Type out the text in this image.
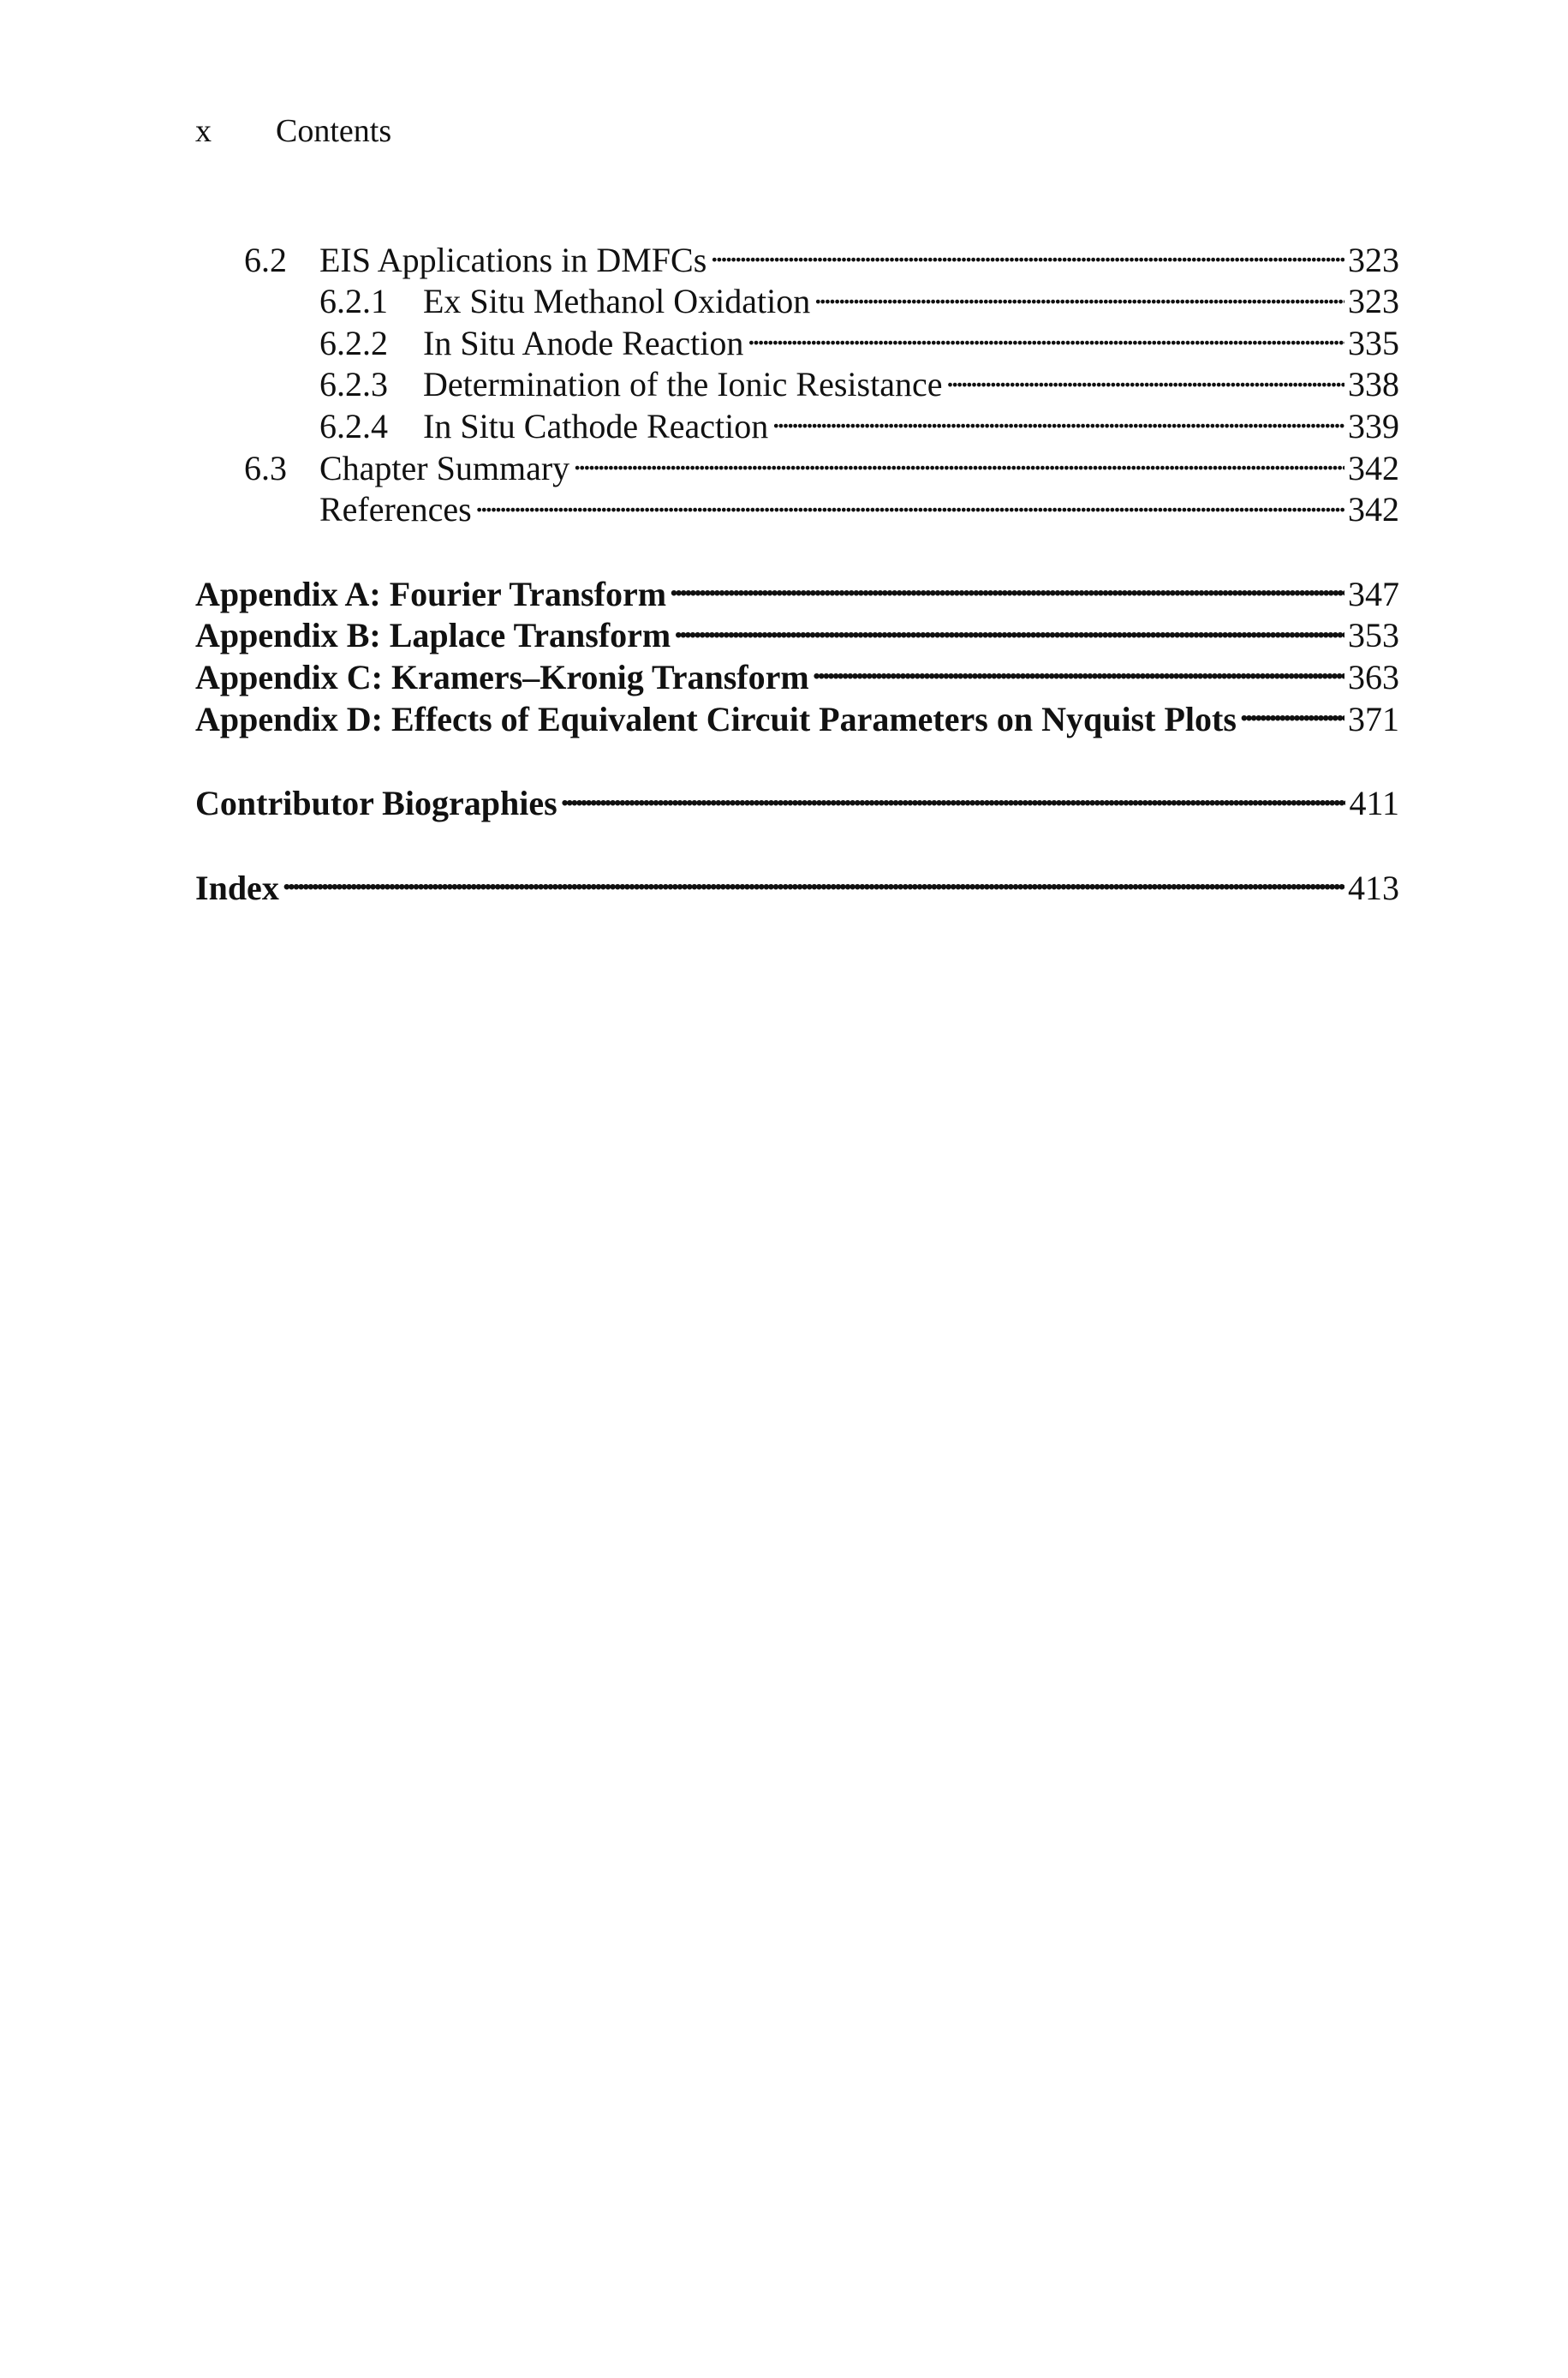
x	Contents
6.2 EIS Applications in DMFCs . . .	323
6.2.1	Ex Situ Methanol Oxidation . . .	323
6.2.2	In Situ Anode Reaction . . .	335
6.2.3	Determination of the Ionic Resistance . . .	338
6.2.4	In Situ Cathode Reaction . . .	339
6.3 Chapter Summary . . .	342
References . . .	342
Appendix A: Fourier Transform . . .	347
Appendix B: Laplace Transform . . .	353
Appendix C: Kramers–Kronig Transform . . .	363
Appendix D: Effects of Equivalent Circuit Parameters on Nyquist Plots . . .	371
Contributor Biographies . . .	411
Index . . .	413
